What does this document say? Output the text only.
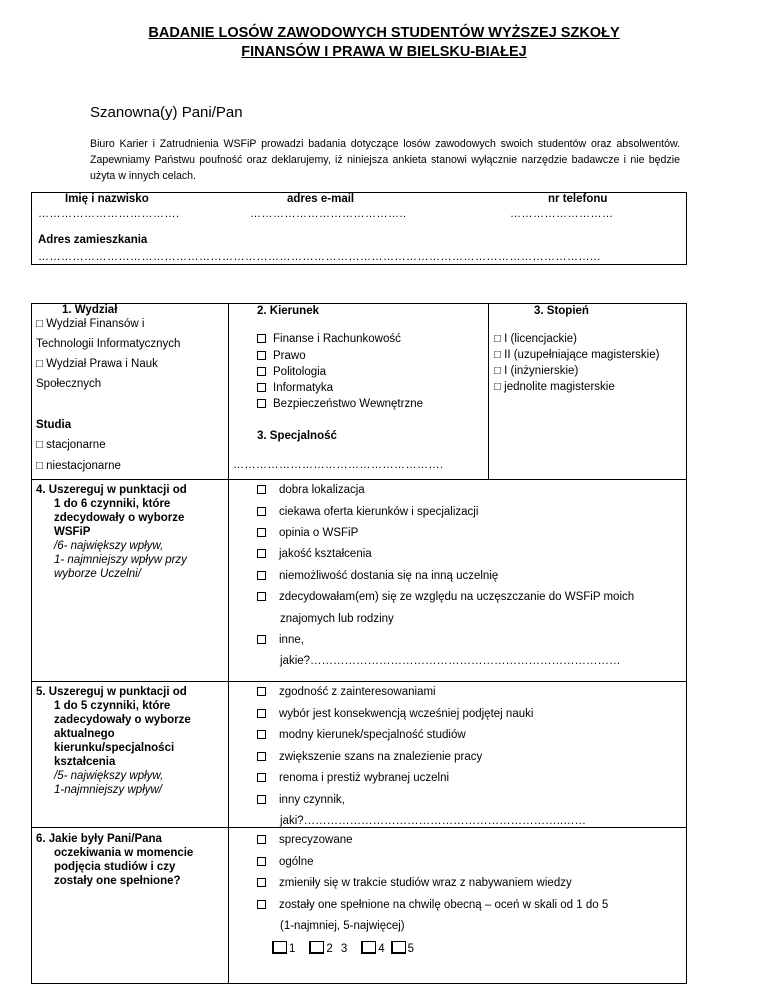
BADANIE LOSÓW ZAWODOWYCH STUDENTÓW WYŻSZEJ SZKOŁY
FINANSÓW I PRAWA W BIELSKU-BIAŁEJ
Szanowna(y) Pani/Pan
Biuro Karier i Zatrudnienia WSFiP prowadzi badania dotyczące losów zawodowych swoich studentów oraz absolwentów. Zapewniamy Państwu poufność oraz deklarujemy, iż niniejsza ankieta stanowi wyłącznie narzędzie badawcze i nie będzie użyta w innych celach.
Imię i nazwisko
……………………………….
adres e-mail
…………………………………..
nr telefonu
………………………
Adres zamieszkania
………………………………………………………………………………………………………………………………...
1. Wydział
□ Wydział Finansów i
Technologii Informatycznych
□ Wydział Prawa i Nauk
Społecznych
Studia
□ stacjonarne
□ niestacjonarne
2. Kierunek
Finanse i Rachunkowość
Prawo
Politologia
Informatyka
Bezpieczeństwo Wewnętrzne
3. Specjalność
……………………………………………….
3. Stopień
□ I (licencjackie)
□ II (uzupełniające magisterskie)
□ I (inżynierskie)
□ jednolite magisterskie
4. Uszereguj w punktacji od
1 do 6 czynniki, które
zdecydowały o wyborze
WSFiP
/6- największy wpływ,
1- najmniejszy wpływ przy
wyborze Uczelni/
dobra lokalizacja
ciekawa oferta kierunków i specjalizacji
opinia o WSFiP
jakość kształcenia
niemożliwość dostania się na inną uczelnię
zdecydowałam(em) się ze względu na uczęszczanie do WSFiP moich
znajomych lub rodziny
inne,
jakie?………………………………………………………………………
5. Uszereguj w punktacji od
1 do 5 czynniki, które
zadecydowały o wyborze
aktualnego
kierunku/specjalności
kształcenia
/5- największy wpływ,
1-najmniejszy wpływ/
zgodność z zainteresowaniami
wybór jest konsekwencją wcześniej podjętej nauki
modny kierunek/specjalność studiów
zwiększenie szans na znalezienie pracy
renoma i prestiż wybranej uczelni
inny czynnik,
jaki?…………………………………………………………..……
6. Jakie były Pani/Pana
oczekiwania w momencie
podjęcia studiów i czy
zostały one spełnione?
sprecyzowane
ogólne
zmieniły się w trakcie studiów wraz z nabywaniem wiedzy
zostały one spełnione na chwilę obecną – oceń w skali od 1 do 5
(1-najmniej, 5-najwięcej)
1	2 3	4 5
